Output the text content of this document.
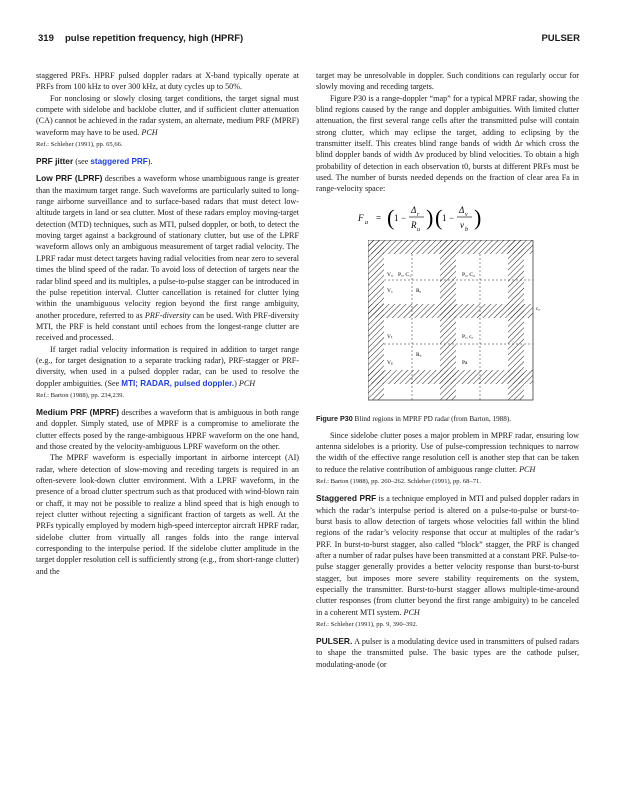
319 pulse repetition frequency, high (HPRF)	PULSER

staggered PRFs. HPRF pulsed doppler radars at X-band typically operate at PRFs from 100 kHz to over 300 kHz, at duty cycles up to 50%.

For nonclosing or slowly closing target conditions, the target signal must compete with sidelobe and backlobe clutter, and if sufficient clutter attenuation (CA) cannot be achieved in the radar system, an alternate, medium PRF (MPRF) waveform may have to be used. PCH

Ref.: Schleher (1991), pp. 65,66.

PRF jitter (see staggered PRF).

Low PRF (LPRF) describes a waveform whose unambiguous range is greater than the maximum target range. Such waveforms are particularly suited to long-range airborne surveillance and to surface-based radars that must detect low-altitude targets in land or sea clutter. Most of these radars employ moving-target detection (MTD) techniques, such as MTI, pulsed doppler, or both, to detect the moving target against a background of stationary clutter, but use of the LPRF waveform allows only an ambiguous measurement of target radial velocity. The LPRF radar must detect targets having radial velocities from near zero to several times the blind speed of the radar. To avoid loss of detection of targets near the radar blind speed and its multiples, a pulse-to-pulse stagger can be introduced in the pulse repetition interval. Clutter cancellation is retained for clutter lying within the unambiguous velocity region beyond the first range ambiguity, another procedure, referred to as PRF-diversity can be used. With PRF-diversity MTI, the PRF is held constant until echoes from the longest-range clutter are received and processed.

If target radial velocity information is required in addition to target range (e.g., for target designation to a separate tracking radar), PRF-stagger or PRF-diversity, when used in a pulsed doppler radar, can be used to resolve the doppler ambiguities. (See MTI; RADAR, pulsed doppler.) PCH

Ref.: Barton (1988), pp. 234,239.

Medium PRF (MPRF) describes a waveform that is ambiguous in both range and doppler. Simply stated, use of MPRF is a compromise to ameliorate the clutter effects posed by the range-ambiguous HPRF waveform on the one hand, and those created by the velocity-ambiguous LPRF waveform on the other.

The MPRF waveform is especially important in airborne intercept (AI) radar, where detection of slow-moving and receding targets is required in an often-severe look-down clutter environment. With a LPRF waveform, in the presence of a broad clutter spectrum such as that produced with wind-blown rain or chaff, it may not be possible to realize a blind speed that is high enough to reject clutter without rejecting a significant fraction of targets as well. At the PRFs typically employed by modern high-speed interceptor aircraft HPRF radar, sidelobe clutter from virtually all ranges folds into the range interval corresponding to the interpulse period. If the sidelobe clutter amplitude in the target doppler resolution cell is sufficiently strong (e.g., from short-range clutter) and the

target may be unresolvable in doppler. Such conditions can regularly occur for slowly moving and receding targets.

Figure P30 is a range-doppler “map” for a typical MPRF radar, showing the blind regions caused by the range and doppler ambiguities. With limited clutter attenuation, the first several range cells after the transmitted pulse will contain strong clutter, which may eclipse the target, adding to eclipsing by the transmitter itself. This creates blind range bands of width Δr which cross the blind doppler bands of width Δv produced by blind velocities. To obtain a high probability of detection in each observation t0, bursts at different PRFs must be used. The number of bursts needed depends on the fraction of clear area Fa in range-velocity space:

F a = ( 1 −
Δ r
R u ) ( 1 −
Δ v
v b )
Vᵤ Pᵥ, C₁	Pₐ, C₂
Vₐ	Rₐ
cₐ
Vₜ	Pᵣ, cₐ
Rᵤ
Vᵦ	Pa

Figure P30 Blind regions in MPRF PD radar (from Barton, 1988).

Since sidelobe clutter poses a major problem in MPRF radar, ensuring low antenna sidelobes is a priority. Use of pulse-compression techniques to narrow the width of the effective range resolution cell is another step that can be taken to reduce the relative contribution of ambiguous range clutter. PCH

Ref.: Barton (1988), pp. 260–262. Schleher (1991), pp. 68–71.

Staggered PRF is a technique employed in MTI and pulsed doppler radars in which the radar’s interpulse period is altered on a pulse-to-pulse or burst-to-burst basis to allow detection of targets whose velocities fall within the blind regions of the radar’s velocity response that occur at multiples of the radar’s PRF. In burst-to-burst stagger, also called “block” stagger, the PRF is changed after a number of radar pulses have been transmitted at a constant PRF. Pulse-to-pulse stagger generally provides a better velocity response than burst-to-burst stagger, but imposes more severe stability requirements on the system, especially the transmitter. Burst-to-burst stagger allows multiple-time-around clutter responses (from clutter beyond the first range ambiguity) to be canceled in a coherent MTI system. PCH

Ref.: Schleher (1991), pp. 9, 390–392.

PULSER. A pulser is a modulating device used in transmitters of pulsed radars to shape the transmitted pulse. The basic types are the cathode pulser, modulating-anode (or
